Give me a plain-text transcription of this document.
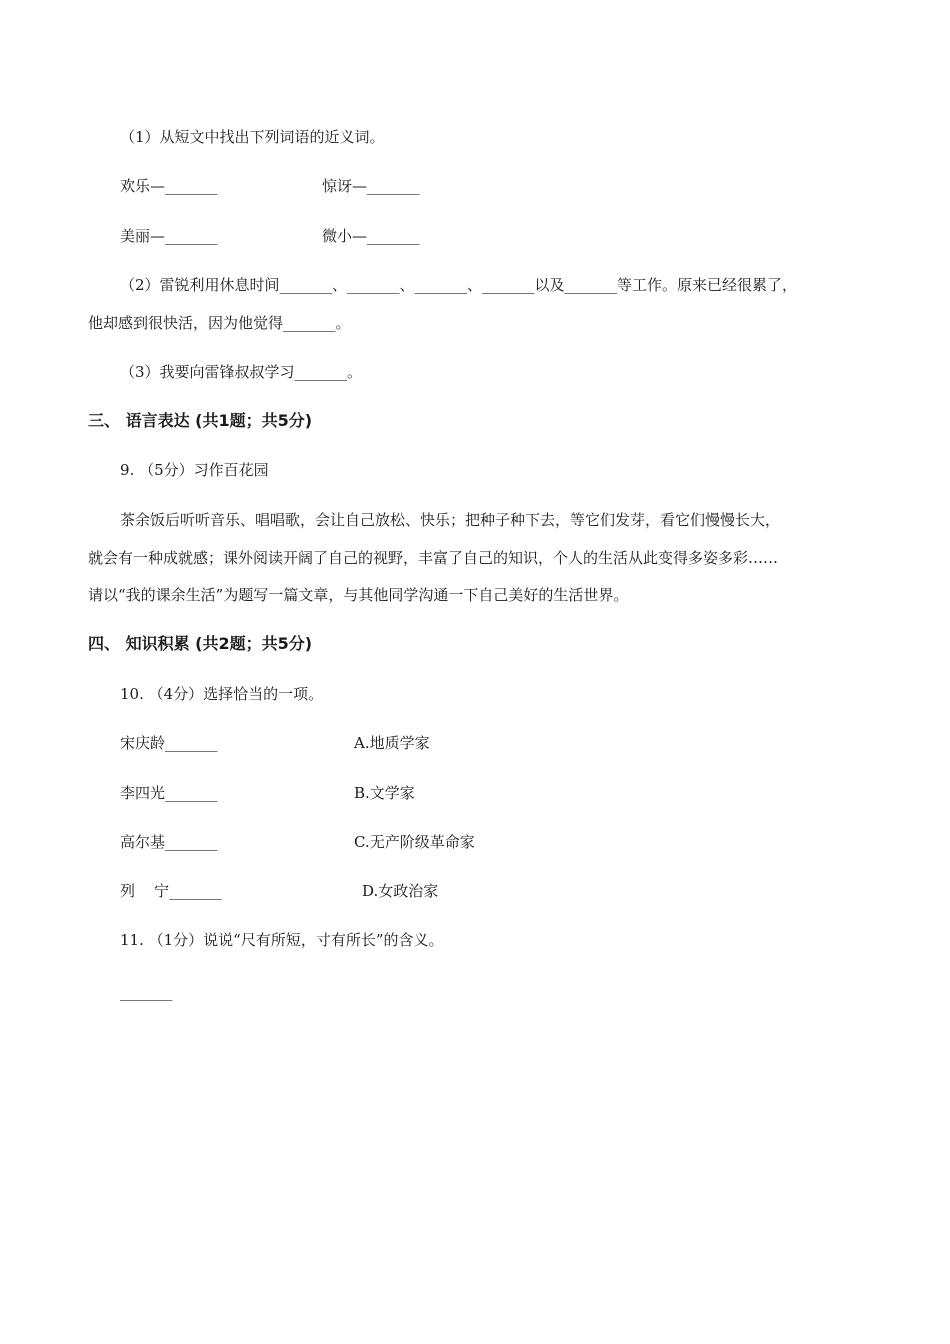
（1）从短文中找出下列词语的近义词。
欢乐—_______	惊讶—_______
美丽—_______	微小—_______
（2）雷锐利用休息时间_______、_______、_______、_______以及_______等工作。原来已经很累了，
他却感到很快活，因为他觉得_______。
（3）我要向雷锋叔叔学习_______。
三、 语言表达 (共1题；共5分)
9. （5分）习作百花园
茶余饭后听听音乐、唱唱歌，会让自己放松、快乐；把种子种下去，等它们发芽，看它们慢慢长大，
就会有一种成就感；课外阅读开阔了自己的视野，丰富了自己的知识，个人的生活从此变得多姿多彩……
请以“我的课余生活”为题写一篇文章，与其他同学沟通一下自己美好的生活世界。
四、 知识积累 (共2题；共5分)
10. （4分）选择恰当的一项。
宋庆龄_______	A.地质学家
李四光_______	B.文学家
高尔基_______	C.无产阶级革命家
列    宁_______	D.女政治家
11. （1分）说说“尺有所短，寸有所长”的含义。
_______
